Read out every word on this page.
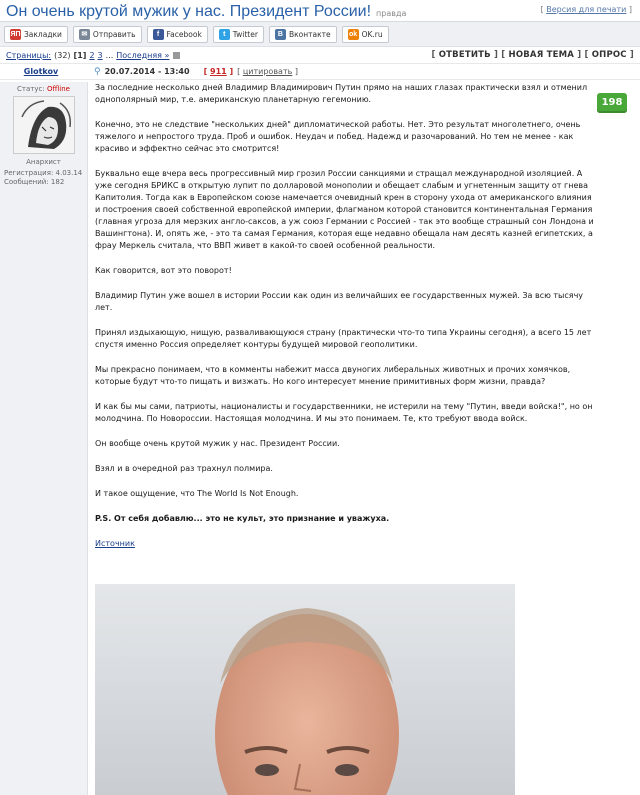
Он очень крутой мужик у нас. Президент России! правда	[ Версия для печати ]
ЯП Закладки	✉ Отправить	f Facebook	t Twitter	B Вконтакте	ok OK.ru
Страницы: (32) [1] 2 3 ... Последняя »	[ ОТВЕТИТЬ ] [ НОВАЯ ТЕМА ] [ ОПРОС ]
Glotkov	⚲ 20.07.2014 - 13:40 [ 911 ] [ цитировать ]
Статус: Offline
Анархист
Регистрация: 4.03.14
Сообщений: 182

За последние несколько дней Владимир Владимирович Путин прямо на наших глазах практически взял и отменил однополярный мир, т.е. американскую планетарную гегемонию.

Конечно, это не следствие "нескольких дней" дипломатической работы. Нет. Это результат многолетнего, очень тяжелого и непростого труда. Проб и ошибок. Неудач и побед. Надежд и разочарований. Но тем не менее - как красиво и эффектно сейчас это смотрится!

Буквально еще вчера весь прогрессивный мир грозил России санкциями и стращал международной изоляцией. А уже сегодня БРИКС в открытую лупит по долларовой монополии и обещает слабым и угнетенным защиту от гнева Капитолия. Тогда как в Европейском союзе намечается очевидный крен в сторону ухода от американского влияния и построения своей собственной европейской империи, флагманом которой становится континентальная Германия (главная угроза для мерзких англо-саксов, а уж союз Германии с Россией - так это вообще страшный сон Лондона и Вашингтона). И, опять же, - это та самая Германия, которая еще недавно обещала нам десять казней египетских, а фрау Меркель считала, что ВВП живет в какой-то своей особенной реальности.

Как говорится, вот это поворот!

Владимир Путин уже вошел в истории России как один из величайших ее государственных мужей. За всю тысячу лет.

Принял издыхающую, нищую, разваливающуюся страну (практически что-то типа Украины сегодня), а всего 15 лет спустя именно Россия определяет контуры будущей мировой геополитики.

Мы прекрасно понимаем, что в комменты набежит масса двуногих либеральных животных и прочих хомячков, которые будут что-то пищать и визжать. Но кого интересует мнение примитивных форм жизни, правда?

И как бы мы сами, патриоты, националисты и государственники, не истерили на тему "Путин, введи войска!", но он молодчина. По Новороссии. Настоящая молодчина. И мы это понимаем. Те, кто требуют ввода войск.

Он вообще очень крутой мужик у нас. Президент России.

Взял и в очередной раз трахнул полмира.

И такое ощущение, что The World Is Not Enough.

P.S. От себя добавлю... это не культ, это признание и уважуха.

Источник

198
